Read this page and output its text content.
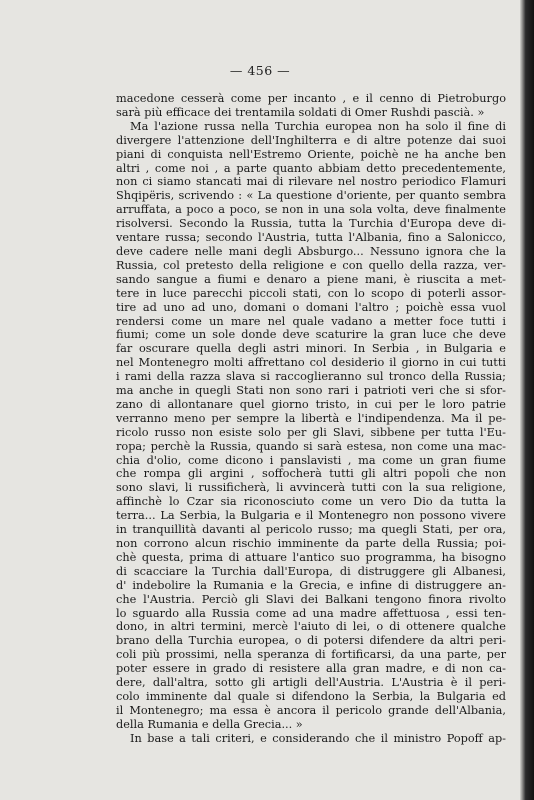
— 456 —
macedone cesserà come per incanto , e il cenno di Pietroburgo
sarà più efficace dei trentamila soldati di Omer Rushdi pascià. »
Ma l'azione russa nella Turchia europea non ha solo il fine di
divergere l'attenzione dell'Inghilterra e di altre potenze dai suoi
piani di conquista nell'Estremo Oriente, poichè ne ha anche ben
altri , come noi , a parte quanto abbiam detto precedentemente,
non ci siamo stancati mai di rilevare nel nostro periodico Flamuri
Shqipëris, scrivendo : « La questione d'oriente, per quanto sembra
arruffata, a poco a poco, se non in una sola volta, deve finalmente
risolversi. Secondo la Russia, tutta la Turchia d'Europa deve di-
ventare russa; secondo l'Austria, tutta l'Albania, fino a Salonicco,
deve cadere nelle mani degli Absburgo... Nessuno ignora che la
Russia, col pretesto della religione e con quello della razza, ver-
sando sangue a fiumi e denaro a piene mani, è riuscita a met-
tere in luce parecchi piccoli stati, con lo scopo di poterli assor-
tire ad uno ad uno, domani o domani l'altro ; poichè essa vuol
rendersi come un mare nel quale vadano a metter foce tutti i
fiumi; come un sole donde deve scaturire la gran luce che deve
far oscurare quella degli astri minori. In Serbia , in Bulgaria e
nel Montenegro molti affrettano col desiderio il giorno in cui tutti
i rami della razza slava si raccoglieranno sul tronco della Russia;
ma anche in quegli Stati non sono rari i patrioti veri che si sfor-
zano di allontanare quel giorno tristo, in cui per le loro patrie
verranno meno per sempre la libertà e l'indipendenza. Ma il pe-
ricolo russo non esiste solo per gli Slavi, sibbene per tutta l'Eu-
ropa; perchè la Russia, quando si sarà estesa, non come una mac-
chia d'olio, come dicono i panslavisti , ma come un gran fiume
che rompa gli argini , soffocherà tutti gli altri popoli che non
sono slavi, li russificherà, li avvincerà tutti con la sua religione,
affinchè lo Czar sia riconosciuto come un vero Dio da tutta la
terra... La Serbia, la Bulgaria e il Montenegro non possono vivere
in tranquillità davanti al pericolo russo; ma quegli Stati, per ora,
non corrono alcun rischio imminente da parte della Russia; poi-
chè questa, prima di attuare l'antico suo programma, ha bisogno
di scacciare la Turchia dall'Europa, di distruggere gli Albanesi,
d' indebolire la Rumania e la Grecia, e infine di distruggere an-
che l'Austria. Perciò gli Slavi dei Balkani tengono finora rivolto
lo sguardo alla Russia come ad una madre affettuosa , essi ten-
dono, in altri termini, mercè l'aiuto di lei, o di ottenere qualche
brano della Turchia europea, o di potersi difendere da altri peri-
coli più prossimi, nella speranza di fortificarsi, da una parte, per
poter essere in grado di resistere alla gran madre, e di non ca-
dere, dall'altra, sotto gli artigli dell'Austria. L'Austria è il peri-
colo imminente dal quale si difendono la Serbia, la Bulgaria ed
il Montenegro; ma essa è ancora il pericolo grande dell'Albania,
della Rumania e della Grecia... »
In base a tali criteri, e considerando che il ministro Popoff ap-
